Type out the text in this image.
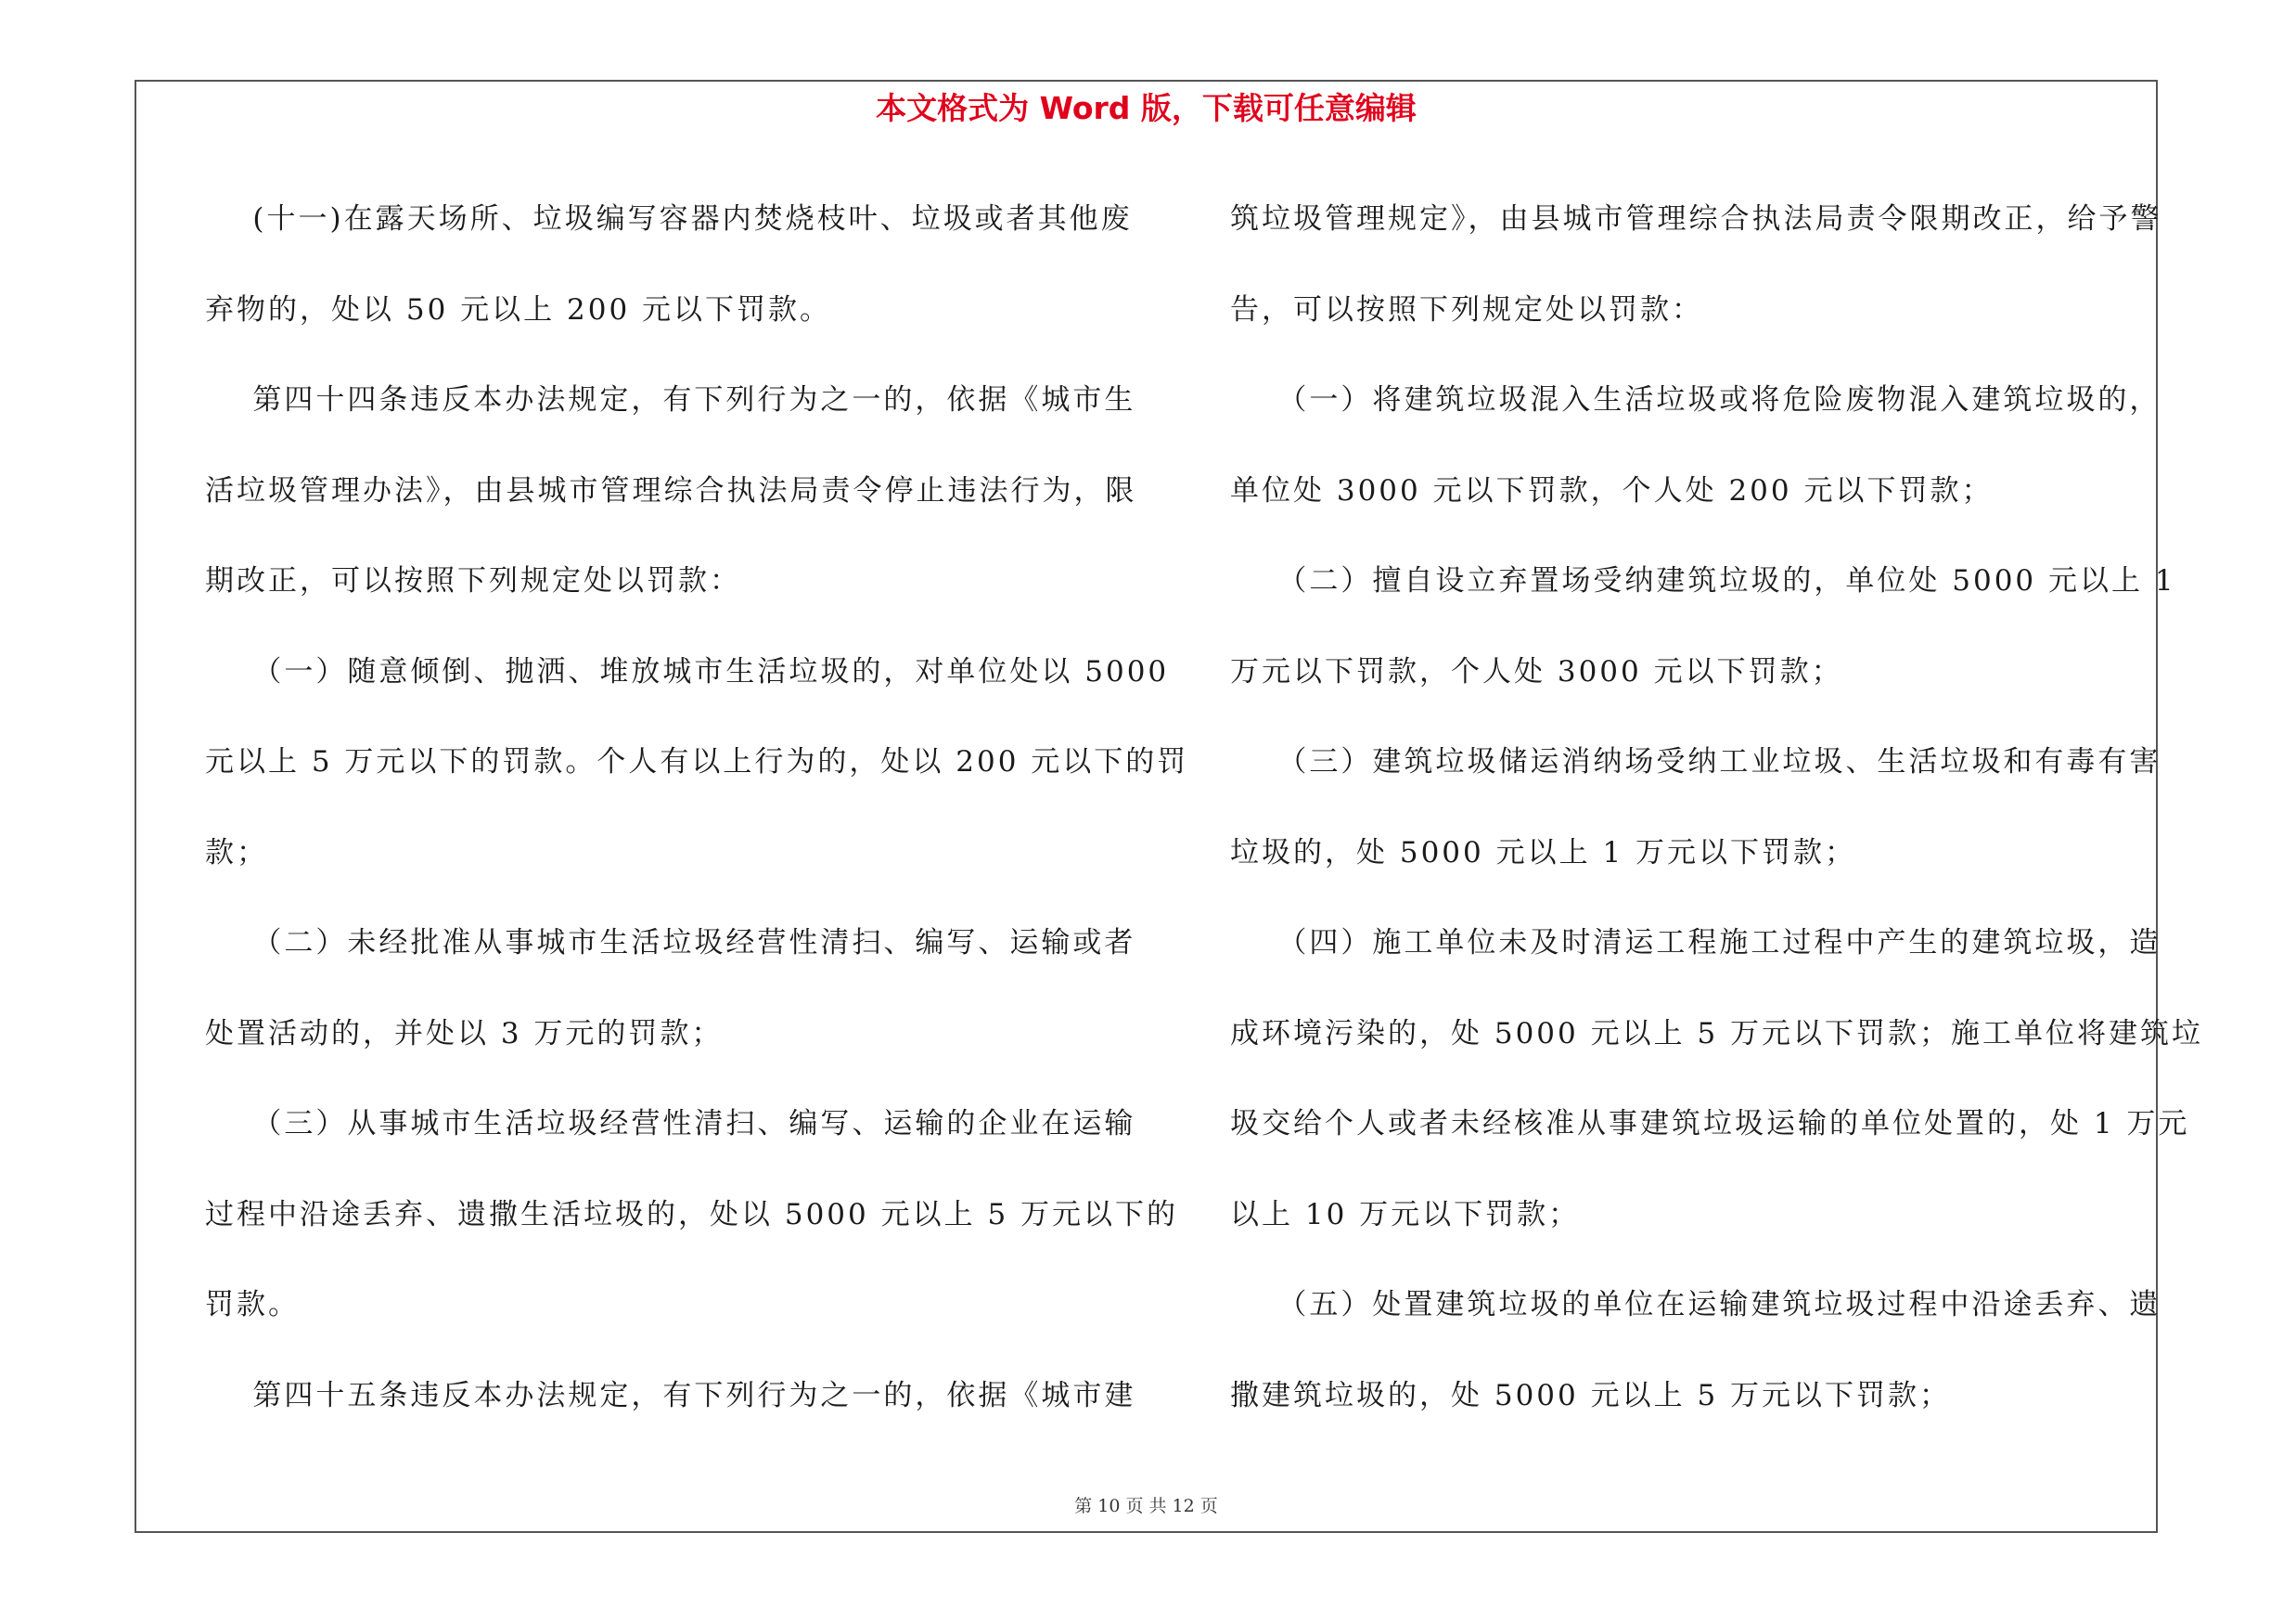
本文格式为 Word 版，下载可任意编辑

(十一)在露天场所、垃圾编写容器内焚烧枝叶、垃圾或者其他废

弃物的，处以 50 元以上 200 元以下罚款。

第四十四条违反本办法规定，有下列行为之一的，依据《城市生

活垃圾管理办法》，由县城市管理综合执法局责令停止违法行为，限

期改正，可以按照下列规定处以罚款：

（一）随意倾倒、抛洒、堆放城市生活垃圾的，对单位处以 5000

元以上 5 万元以下的罚款。个人有以上行为的，处以 200 元以下的罚

款；

（二）未经批准从事城市生活垃圾经营性清扫、编写、运输或者

处置活动的，并处以 3 万元的罚款；

（三）从事城市生活垃圾经营性清扫、编写、运输的企业在运输

过程中沿途丢弃、遗撒生活垃圾的，处以 5000 元以上 5 万元以下的

罚款。

第四十五条违反本办法规定，有下列行为之一的，依据《城市建

筑垃圾管理规定》，由县城市管理综合执法局责令限期改正，给予警

告，可以按照下列规定处以罚款：

（一）将建筑垃圾混入生活垃圾或将危险废物混入建筑垃圾的，

单位处 3000 元以下罚款，个人处 200 元以下罚款；

（二）擅自设立弃置场受纳建筑垃圾的，单位处 5000 元以上 1

万元以下罚款，个人处 3000 元以下罚款；

（三）建筑垃圾储运消纳场受纳工业垃圾、生活垃圾和有毒有害

垃圾的，处 5000 元以上 1 万元以下罚款；

（四）施工单位未及时清运工程施工过程中产生的建筑垃圾，造

成环境污染的，处 5000 元以上 5 万元以下罚款；施工单位将建筑垃

圾交给个人或者未经核准从事建筑垃圾运输的单位处置的，处 1 万元

以上 10 万元以下罚款；

（五）处置建筑垃圾的单位在运输建筑垃圾过程中沿途丢弃、遗

撒建筑垃圾的，处 5000 元以上 5 万元以下罚款；

第 10 页 共 12 页
